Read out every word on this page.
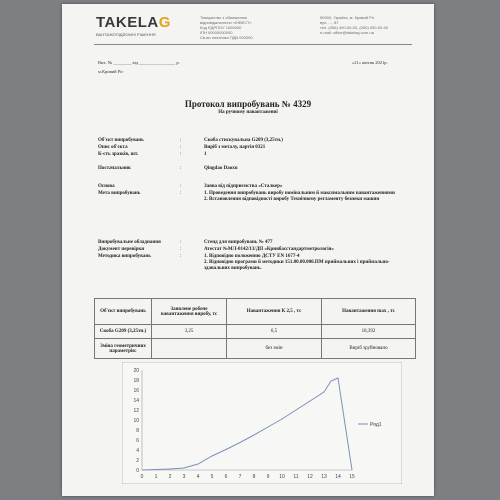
TAKELAG
ВАНТАЖОПІДЙОМНІ РІШЕННЯ
Товариство з обмеженою
відповідальністю «ІНВЕСТ»
Код ЄДРПОУ 1000000
ІПН 00000000000
Св-во платника ПДВ 000000
50000, Україна, м. Кривий Ріг
вул. ..., 87
тел. (056) 400-00-00, (050) 000-00-00
e-mail: office@takelag.com.ua
Вих. № ________ від ________________ р.
м.Кривий Ріг
«21» квітня 2021р.
Протокол випробувань № 4329
На ручному навантаженні
Об'єкт випробувань	:	Скоба стискувальна G209 (3,25тн.)
Опис об'єкта	:	Виріб з металу, партія 0321
К-сть зразків, шт.	:	1
Постачальник	:	Qingdao Daoxu
Основа	:	Заява від підприємства «Сталкер»
Мета випробувань	:	1. Проведення випробувань виробу номінальним й максимальним навантаженнями
2. Встановлення відповідності виробу Технічному регламенту безпеки машин
Випробувальне обладнання	:	Стенд для випробувань № 477
Документ перевірки	:	Атестат №МЛ-0142/13/ДП «Кривбасстандартметрологія»
Методика випробувань	:	1. Відповідно положенню ДСТУ EN 1677-4
2. Відповідно програми й методики 151.00.00.000.ПМ приймальних і приймально-здавальних випробувань.
Об'єкт випробувань	Заявлене робоче навантаження виробу, тс	Навантаження К 2,5 , тс	Навантаження max , тс
Скоба G209 (3,25тн.)	3,25	6,5	18,392
Зміна геометричних параметрів:		без змін	Виріб зруйновано
0
2
4
6
8
10
12
14
16
18
20
0 1 2 3 4 5 6 7 8 9 10 11 12 13 14 15
Ряд1
